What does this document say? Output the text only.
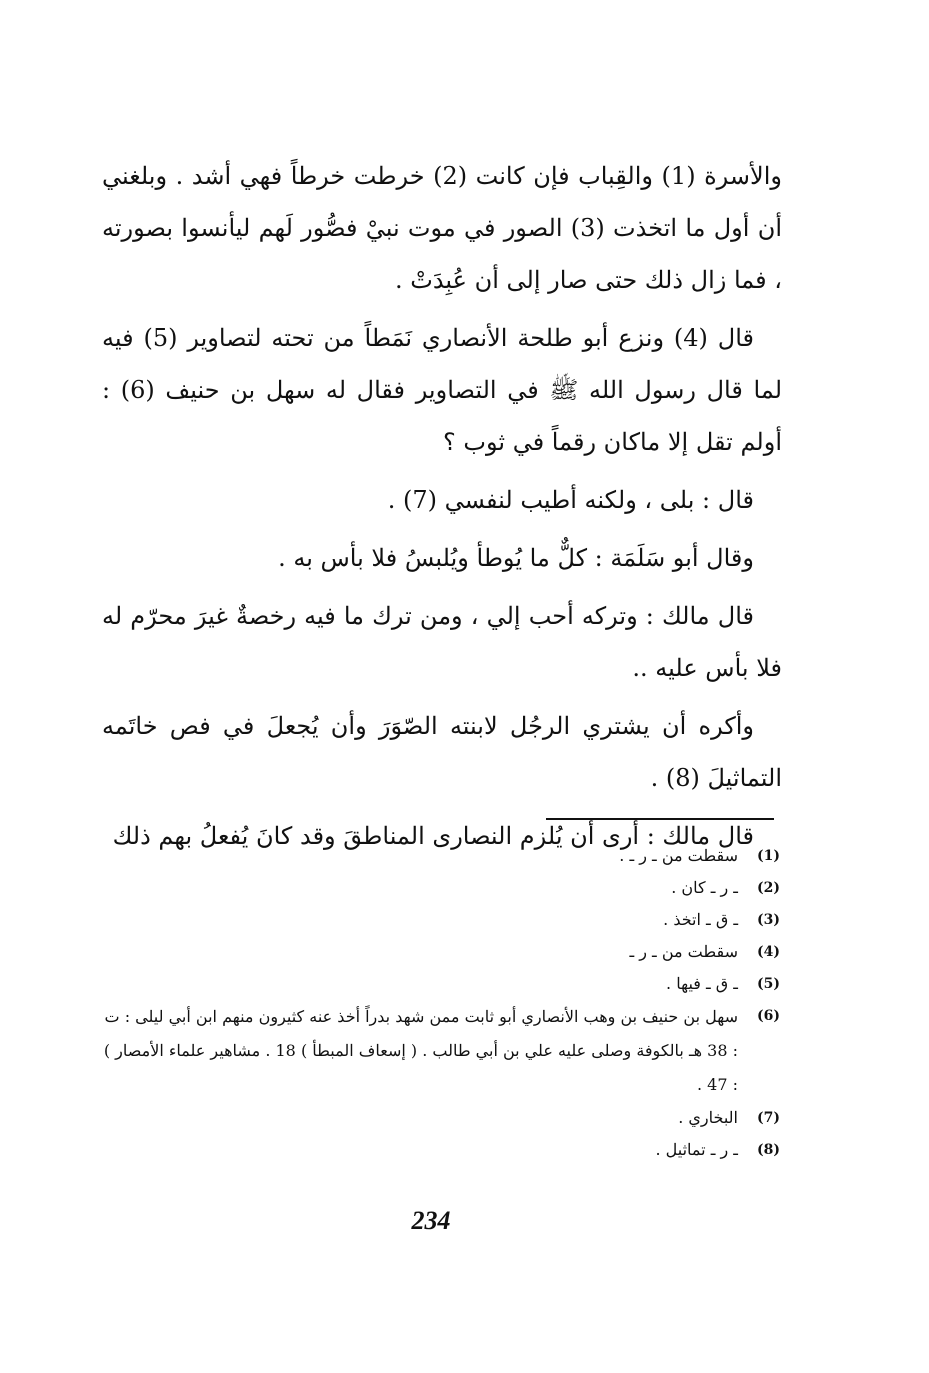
والأسرة (1) والقِباب فإن كانت (2) خرطت خرطاً فهي أشد . وبلغني أن أول ما اتخذت (3) الصور في موت نبيْ فصُّور لَهم ليأنسوا بصورته ، فما زال ذلك حتى صار إلى أن عُبِدَتْ .

قال (4) ونزع أبو طلحة الأنصاري نَمَطاً من تحته لتصاوير (5) فيه لما قال رسول الله ﷺ في التصاوير فقال له سهل بن حنيف (6) : أولم تقل إلا ماكان رقماً في ثوب ؟

قال : بلى ، ولكنه أطيب لنفسي (7) .

وقال أبو سَلَمَة : كلٌّ ما يُوطأ ويُلبسُ فلا بأس به .

قال مالك : وتركه أحب إلي ، ومن ترك ما فيه رخصةٌ غيرَ محرّم له فلا بأس عليه ..

وأكره أن يشتري الرجُل لابنته الصّوَرَ وأن يُجعلَ في فص خاتَمه التماثيلَ (8) .

قال مالك : أرى أن يُلزم النصارى المناطقَ وقد كانَ يُفعلُ بهم ذلك

(1)
سقطت من ـ ر ـ .
(2)
ـ ر ـ كان .
(3)
ـ ق ـ اتخذ .
(4)
سقطت من ـ ر ـ
(5)
ـ ق ـ فيها .
(6)
سهل بن حنيف بن وهب الأنصاري أبو ثابت ممن شهد بدراً أخذ عنه كثيرون منهم ابن أبي ليلى : ت : 38 هـ بالكوفة وصلى عليه علي بن أبي طالب . ( إسعاف المبطأ ) 18 . مشاهير علماء الأمصار ) : 47 .
(7)
البخاري .
(8)
ـ ر ـ تماثيل .
234
